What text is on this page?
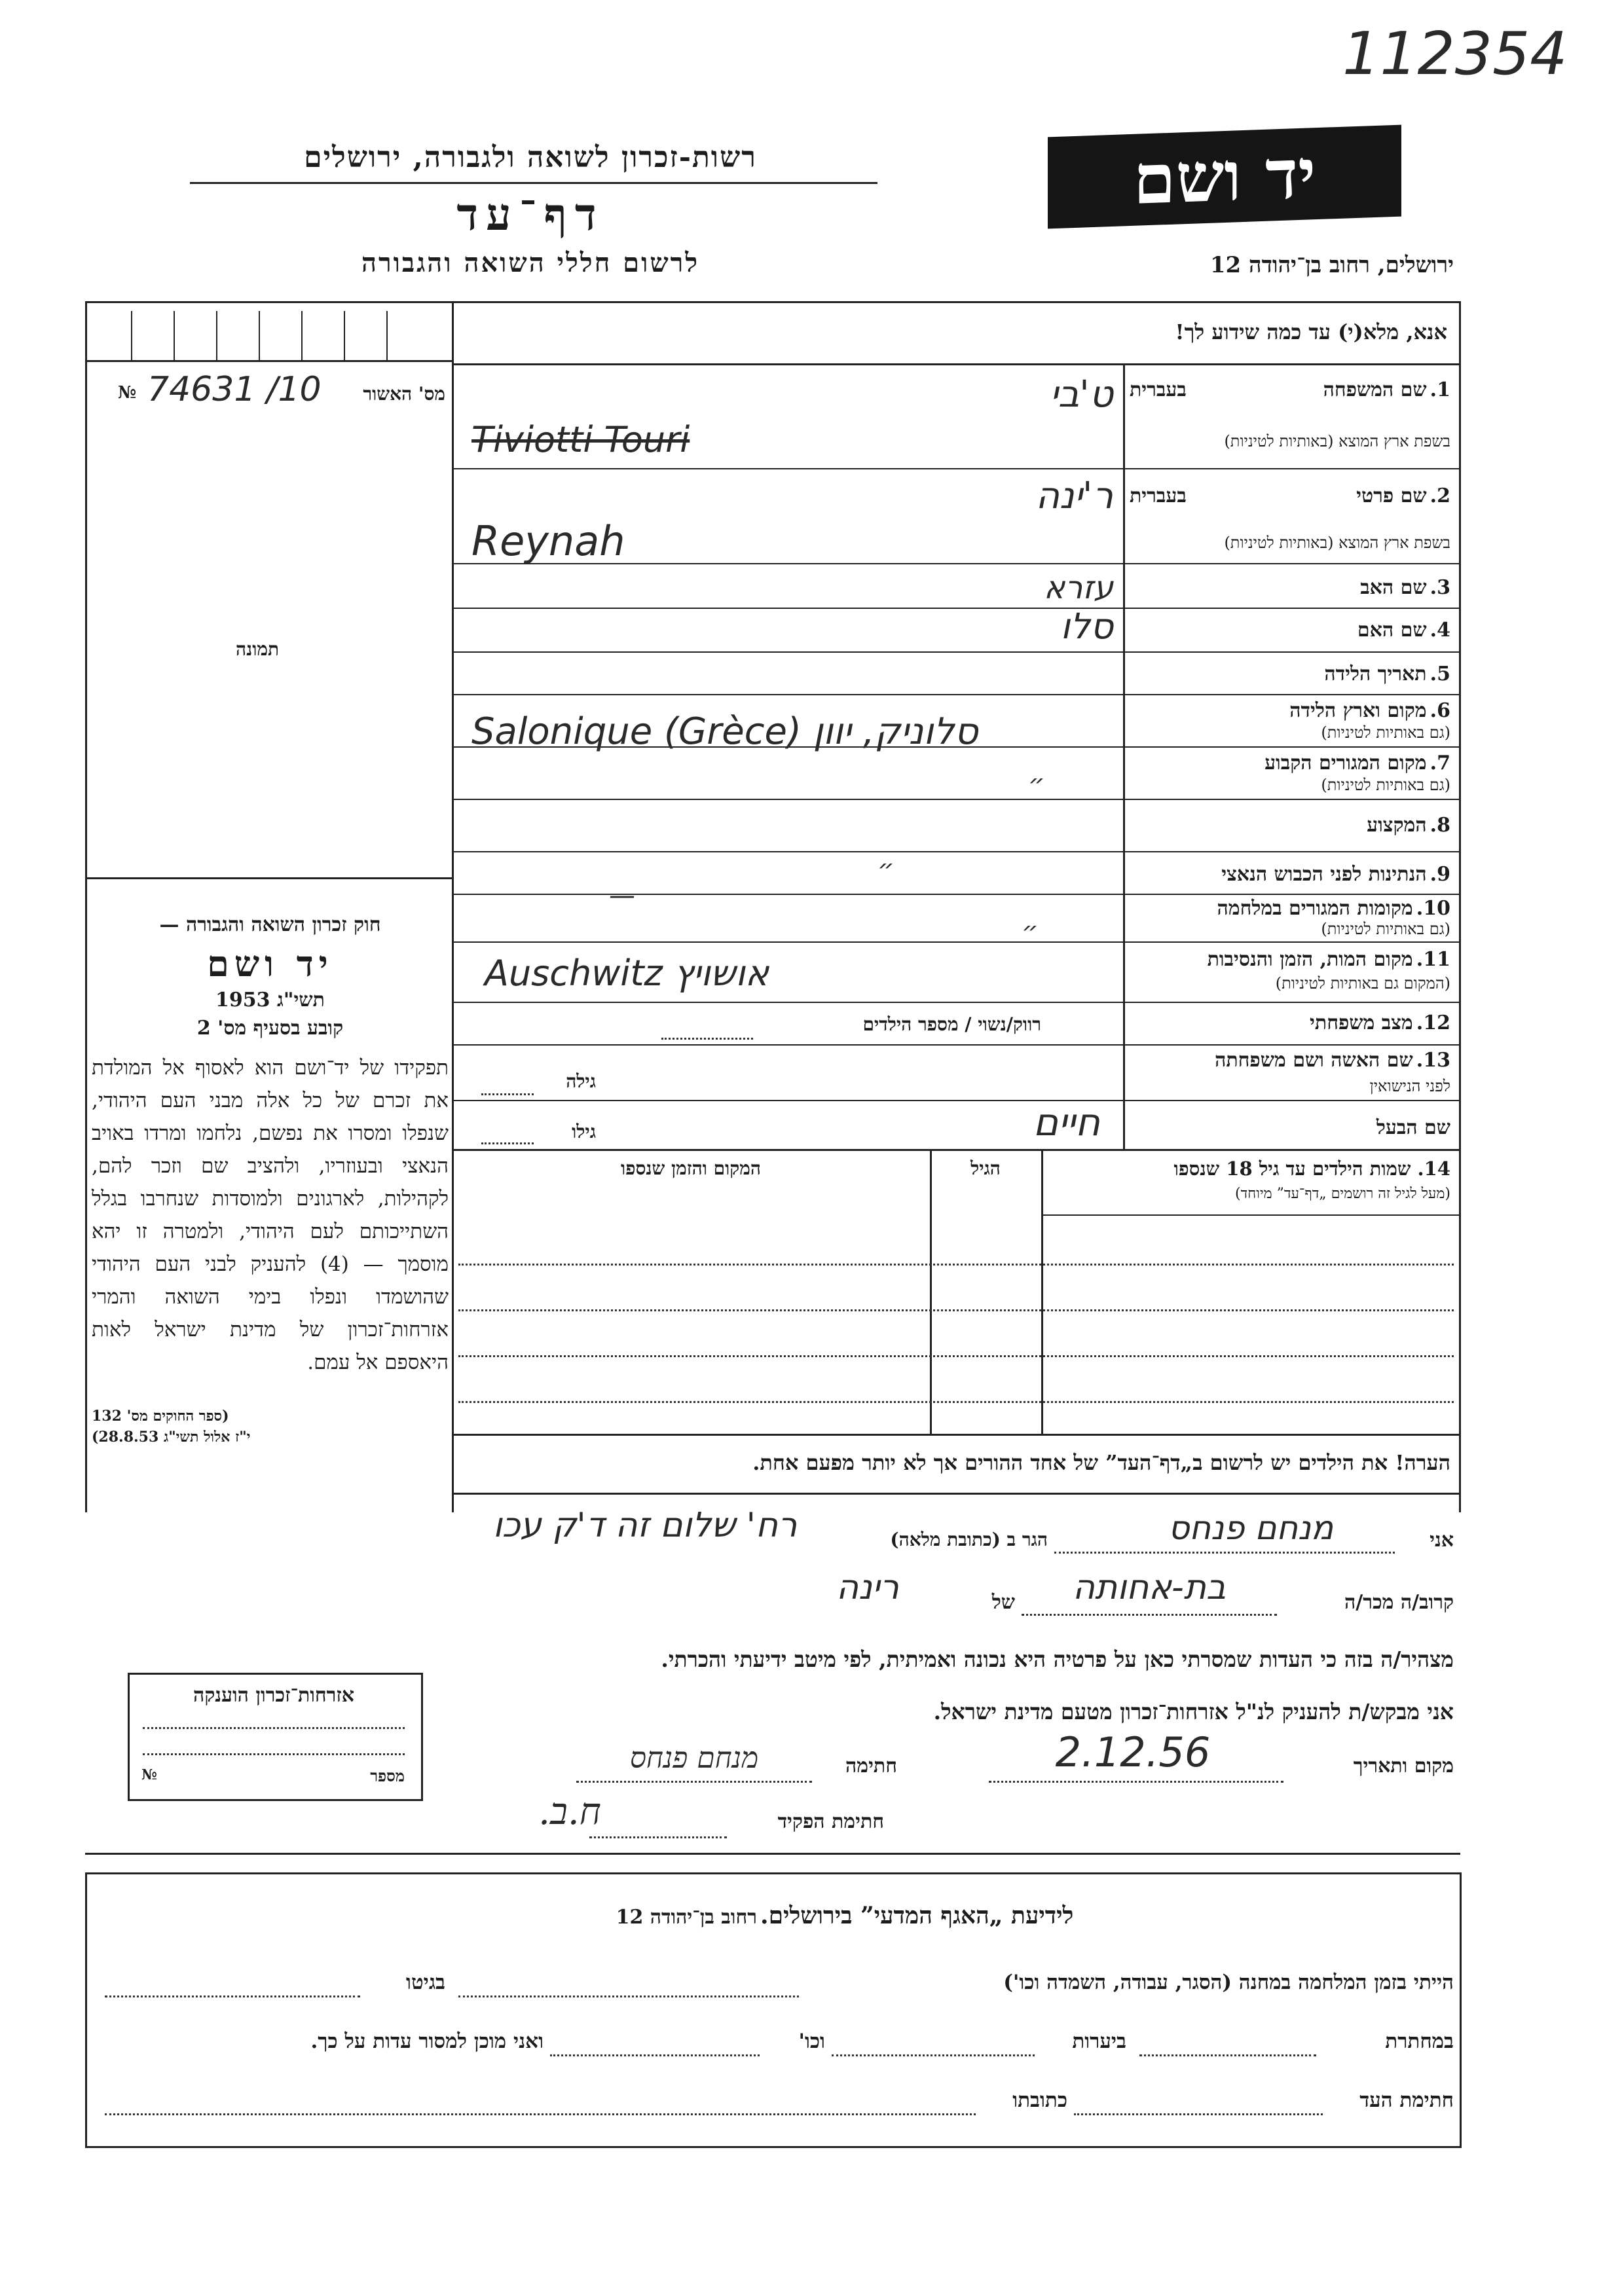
112354
רשות-זכרון לשואה ולגבורה, ירושלים
דף־עד
לרשום חללי השואה והגבורה
יד ושם
ירושלים, רחוב בן־יהודה 12
מס' האשור
№ 74631 /10
תמונה

חוק זכרון השואה והגבורה —

יד ושם

תשי"ג 1953

קובע בסעיף מס' 2

תפקידו של יד־ושם הוא לאסוף אל המולדת את זכרם של כל אלה מבני העם היהודי, שנפלו ומסרו את נפשם, נלחמו ומרדו באויב הנאצי ובעוזריו, ולהציב שם וזכר להם, לקהילות, לארגונים ולמוסדות שנחרבו בגלל השתייכותם לעם היהודי, ולמטרה זו יהא מוסמך — (4) להעניק לבני העם היהודי שהושמדו ונפלו בימי השואה והמרי אזרחות־זכרון של מדינת ישראל לאות היאספם אל עמם.

(ספר החוקים מס' 132

י"ז אלול תשי"ג 28.8.53)

אנא, מלא(י) עד כמה שידוע לך!
1. שם המשפחה
בעברית
בשפת ארץ המוצא (באותיות לטיניות)
ט'בי
Tiviotti Touri
2. שם פרטי
בעברית
בשפת ארץ המוצא (באותיות לטיניות)
ר'ינה
Reynah
3. שם האב
עזרא
4. שם האם
סלו
5. תאריך הלידה
6. מקום וארץ הלידה
(גם באותיות לטיניות)
Salonique (Grèce) סלוניק, יוון
7. מקום המגורים הקבוע
(גם באותיות לטיניות)
״
8. המקצוע
9. הנתינות לפני הכבוש הנאצי
״
—	10. מקומות המגורים במלחמה
(גם באותיות לטיניות)
״
11. מקום המות, הזמן והנסיבות
(המקום גם באותיות לטיניות)
Auschwitz אושויץ
12. מצב משפחתי
רווק/נשוי / מספר הילדים
13. שם האשה ושם משפחתה
לפני הנישואין
גילה
שם הבעל
גילו	חיים
14. שמות הילדים עד גיל 18 שנספו
(מעל לגיל זה רושמים „דף־עד” מיוחד)
הגיל
המקום והזמן שנספו
הערה! את הילדים יש לרשום ב„דף־העד” של אחד ההורים אך לא יותר מפעם אחת.
אני
מנחם פנחס
הגר ב (כתובת מלאה)
רח' שלום זה ד'ק עכו
קרוב/ה מכר/ה
בת-אחותה
של
רינה
מצהיר/ה בזה כי העדות שמסרתי כאן על פרטיה היא נכונה ואמיתית, לפי מיטב ידיעתי והכרתי.
אני מבקש/ת להעניק לנ"ל אזרחות־זכרון מטעם מדינת ישראל.
מקום ותאריך
2.12.56
חתימה
מנחם פנחס
חתימת הפקיד
ח.ב.
אזרחות־זכרון הוענקה
מספר
№
לידיעת „האגף המדעי” בירושלים. רחוב בן־יהודה 12
הייתי בזמן המלחמה במחנה (הסגר, עבודה, השמדה וכו')
בגיטו
במחתרת
ביערות
וכו'
ואני מוכן למסור עדות על כך.
חתימת העד
כתובתו
